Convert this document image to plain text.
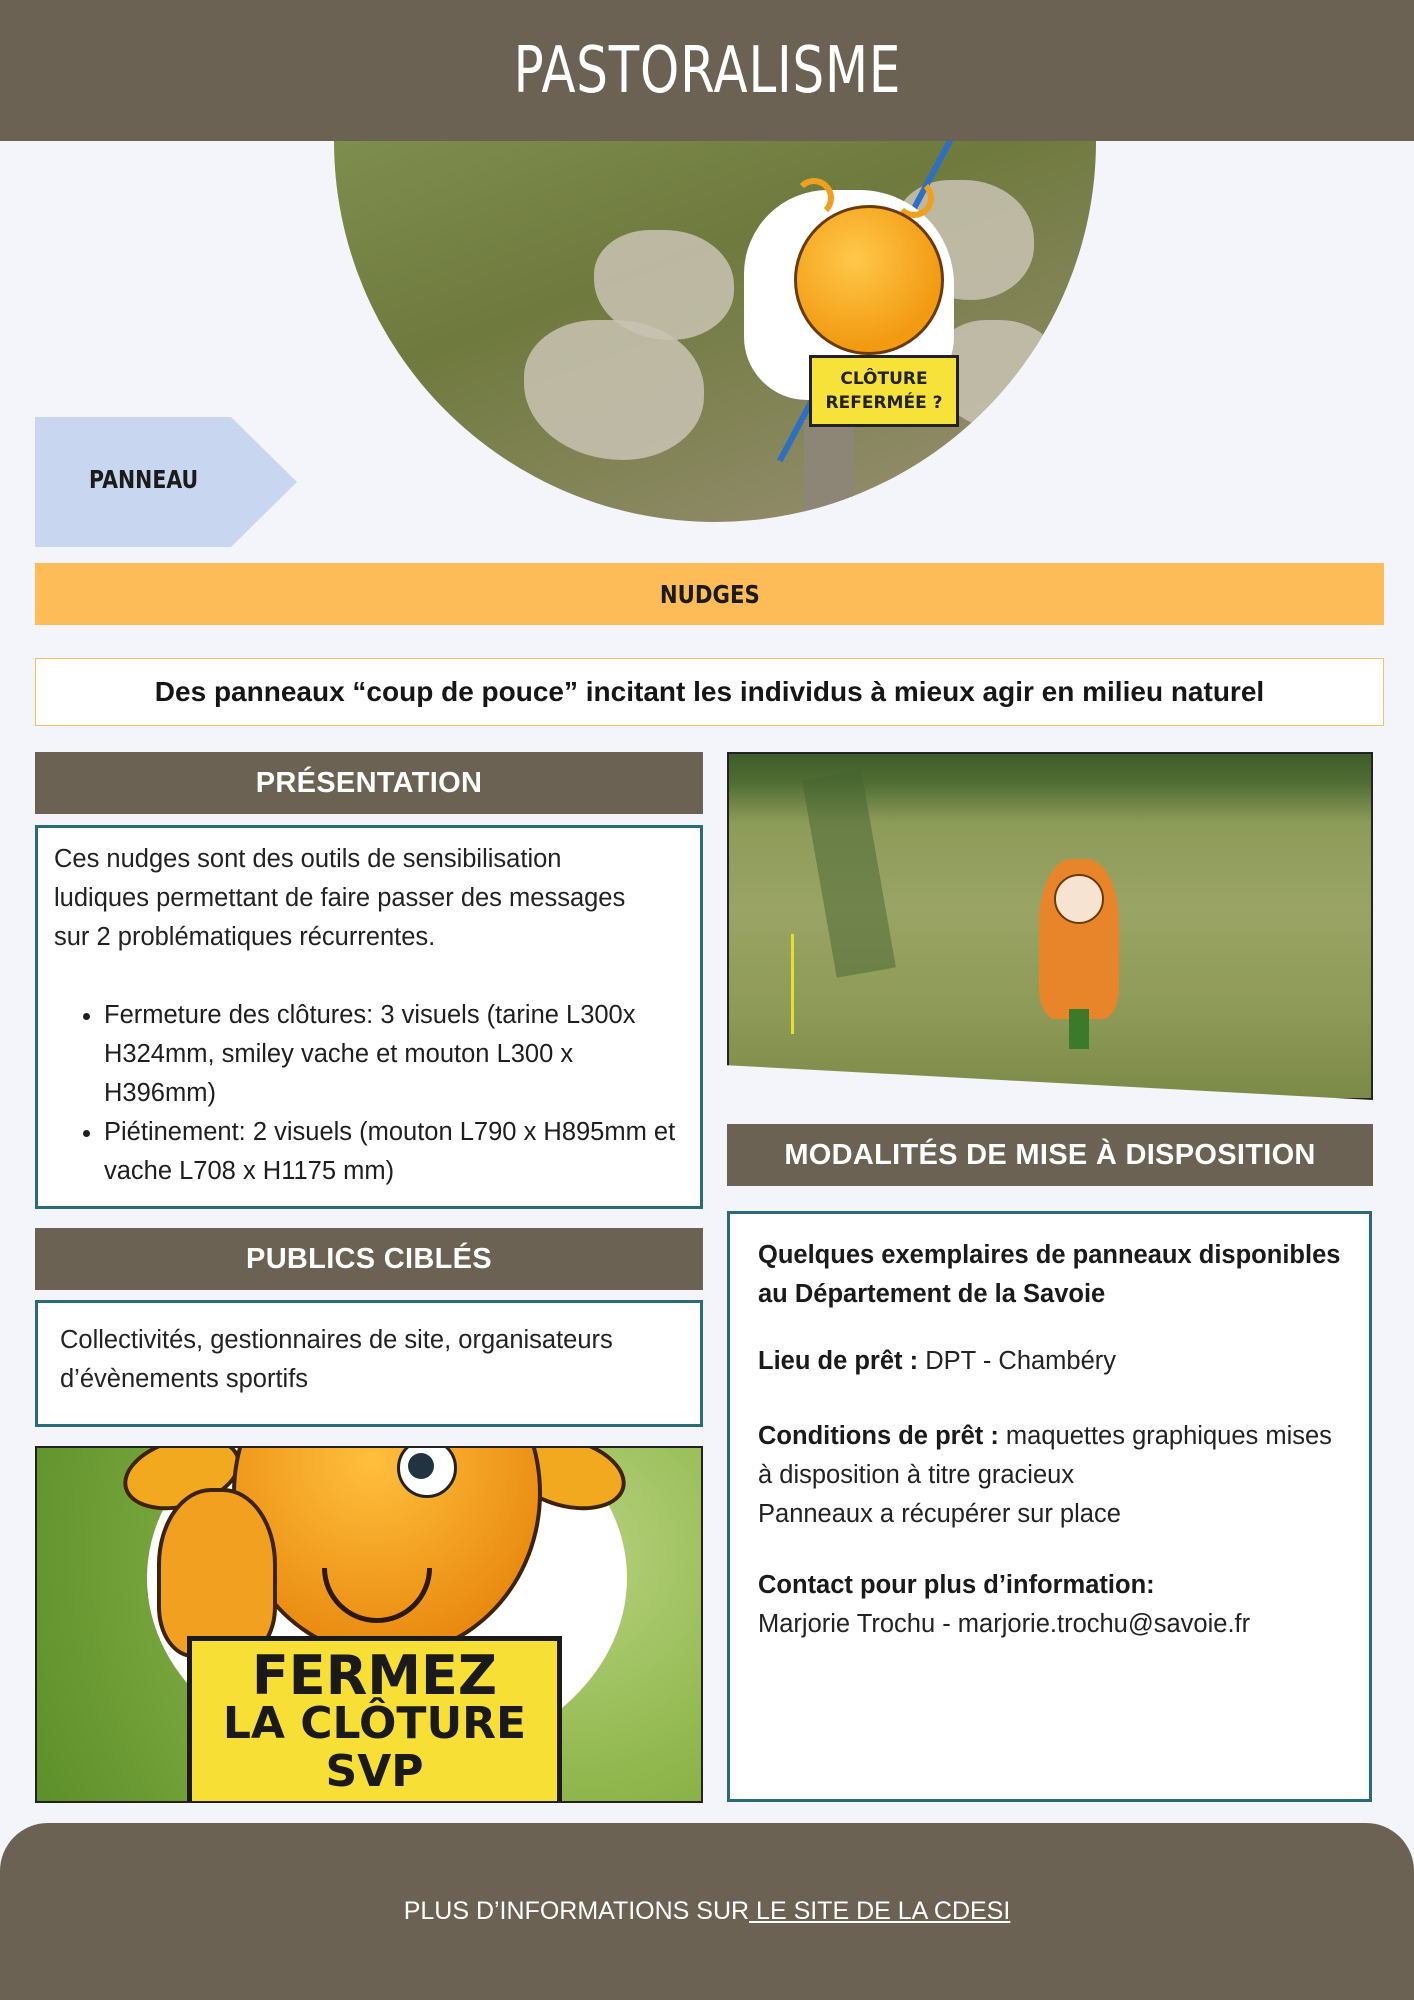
PASTORALISME
CLÔTURE
REFERMÉE ?
PANNEAU
NUDGES
Des panneaux “coup de pouce” incitant les individus à mieux agir en milieu naturel
PRÉSENTATION

Ces nudges sont des outils de sensibilisation

ludiques permettant de faire passer des messages

sur 2 problématiques récurrentes.

• Fermeture des clôtures: 3 visuels (tarine L300x H324mm, smiley vache et mouton L300 x H396mm)
• Piétinement: 2 visuels (mouton L790 x H895mm et vache L708 x H1175 mm)
PUBLICS CIBLÉS

Collectivités, gestionnaires de site, organisateurs d’évènements sportifs

FERMEZ
LA CLÔTURE
SVP
MODALITÉS DE MISE À DISPOSITION

Quelques exemplaires de panneaux disponibles au Département de la Savoie

Lieu de prêt : DPT - Chambéry

Conditions de prêt : maquettes graphiques mises à disposition à titre gracieux

Panneaux a récupérer sur place

Contact pour plus d’information:

Marjorie Trochu - marjorie.trochu@savoie.fr

PLUS D’INFORMATIONS SUR LE SITE DE LA CDESI
